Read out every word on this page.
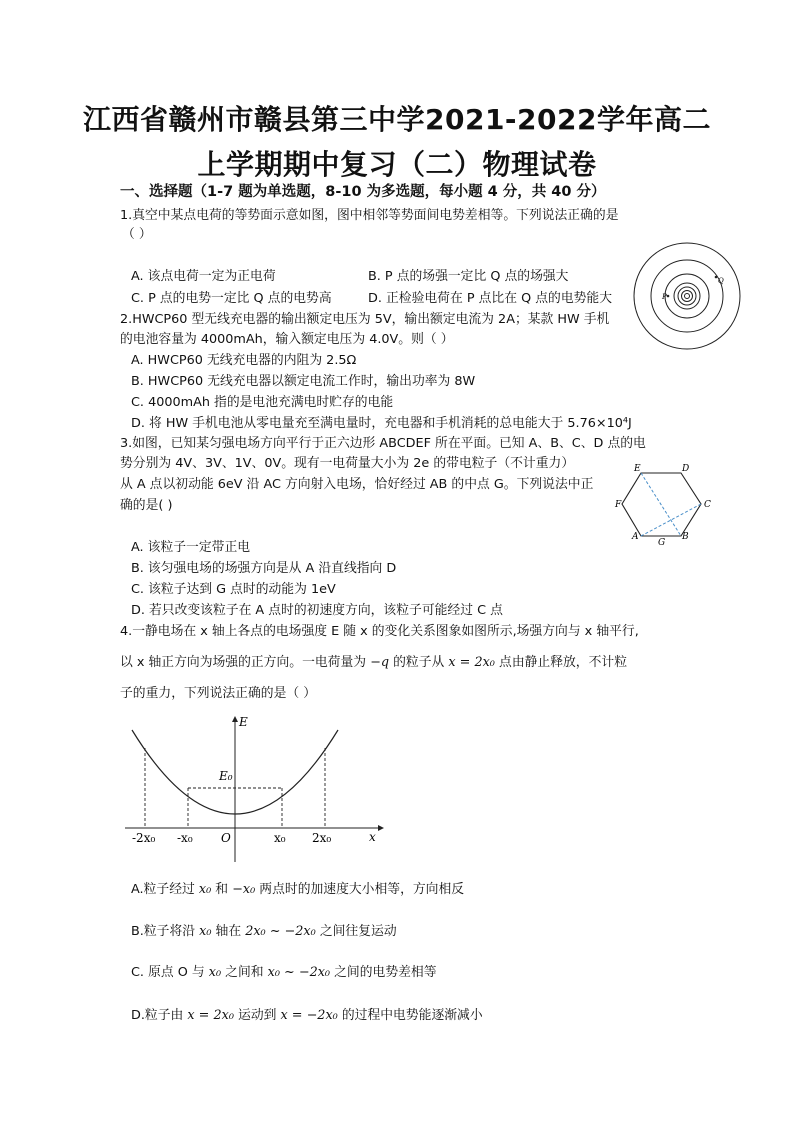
江西省赣州市赣县第三中学2021-2022学年高二
上学期期中复习（二）物理试卷
一、选择题（1-7 题为单选题，8-10 为多选题，每小题 4 分，共 40 分）
1.真空中某点电荷的等势面示意如图，图中相邻等势面间电势差相等。下列说法正确的是
（ ）
A. 该点电荷一定为正电荷	B. P 点的场强一定比 Q 点的场强大
C. P 点的电势一定比 Q 点的电势高	D. 正检验电荷在 P 点比在 Q 点的电势能大	P
Q
2.HWCP60 型无线充电器的输出额定电压为 5V，输出额定电流为 2A；某款 HW 手机
的电池容量为 4000mAh，输入额定电压为 4.0V。则（ ）
A. HWCP60 无线充电器的内阻为 2.5Ω
B. HWCP60 无线充电器以额定电流工作时，输出功率为 8W
C. 4000mAh 指的是电池充满电时贮存的电能
D. 将 HW 手机电池从零电量充至满电量时，充电器和手机消耗的总电能大于 5.76×10⁴J
3.如图，已知某匀强电场方向平行于正六边形 ABCDEF 所在平面。已知 A、B、C、D 点的电
势分别为 4V、3V、1V、0V。现有一电荷量大小为 2e 的带电粒子（不计重力）
从 A 点以初动能 6eV 沿 AC 方向射入电场，恰好经过 AB 的中点 G。下列说法中正
确的是( )
A. 该粒子一定带正电
B. 该匀强电场的场强方向是从 A 沿直线指向 D
C. 该粒子达到 G 点时的动能为 1eV
D. 若只改变该粒子在 A 点时的初速度方向，该粒子可能经过 C 点
E	D
F	C
A
G
B
4.一静电场在 x 轴上各点的电场强度 E 随 x 的变化关系图象如图所示,场强方向与 x 轴平行,
以 x 轴正方向为场强的正方向。一电荷量为 −q 的粒子从 x = 2x₀ 点由静止释放，不计粒
子的重力，下列说法正确的是（ ）
E
x
E₀
O
-2x₀ -x₀	x₀ 2x₀
A.粒子经过 x₀ 和 −x₀ 两点时的加速度大小相等，方向相反
B.粒子将沿 x₀ 轴在 2x₀ ~ −2x₀ 之间往复运动
C. 原点 O 与 x₀ 之间和 x₀ ~ −2x₀ 之间的电势差相等
D.粒子由 x = 2x₀ 运动到 x = −2x₀ 的过程中电势能逐渐减小
